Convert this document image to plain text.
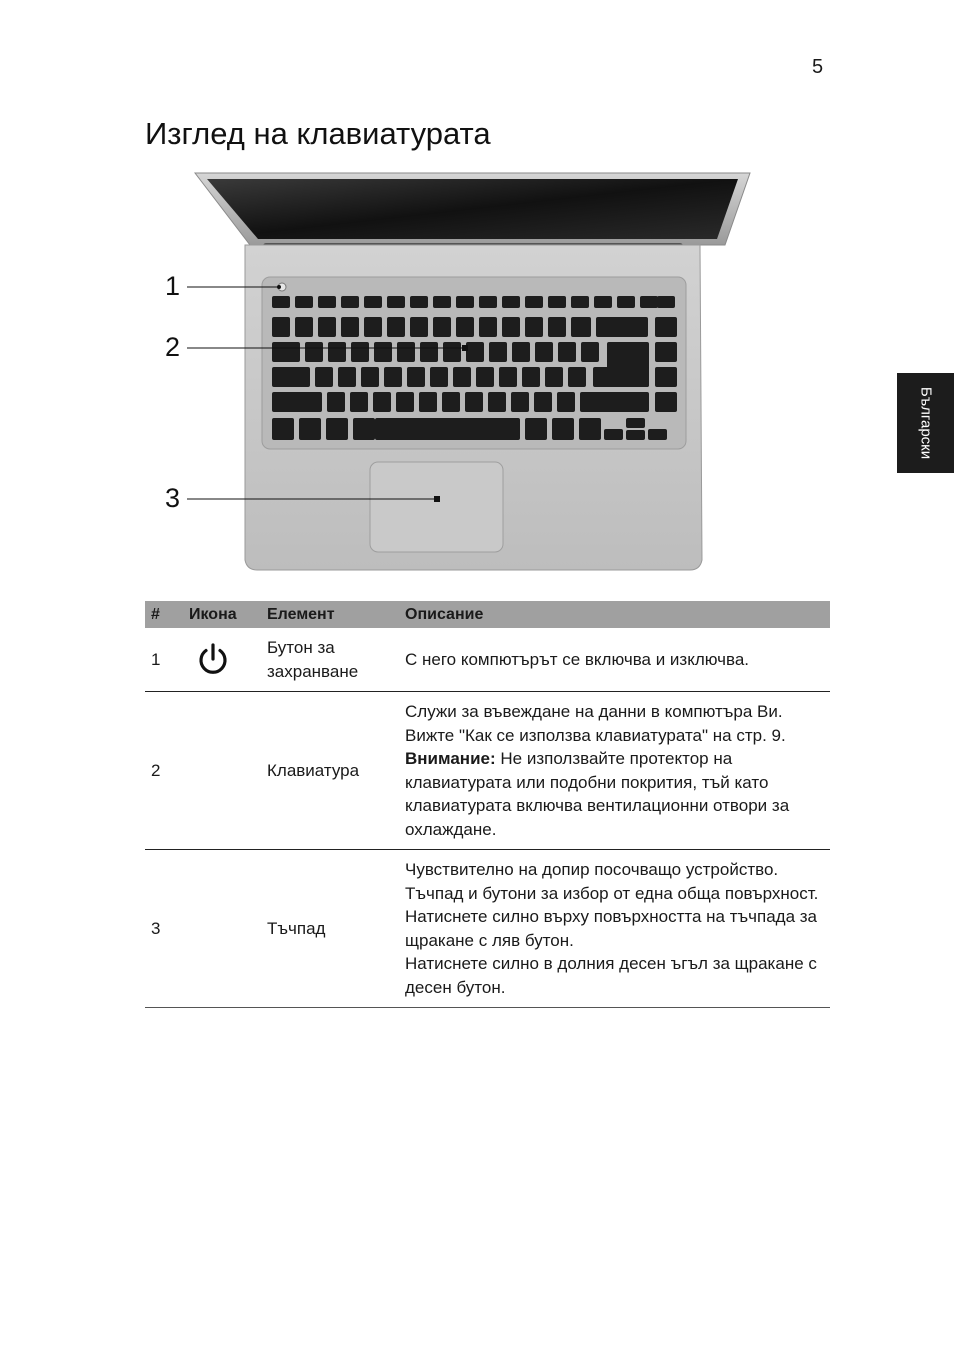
5
Изглед на клавиатурата
Български
1
2
3
#	Икона	Елемент	Описание
1		Бутон за захранване	С него компютърът се включва и изключва.
2		Клавиатура	Служи за въвеждане на данни в компютъра Ви.
Вижте "Как се използва клавиатурата" на стр. 9.
Внимание: Не използвайте протектор на клавиатурата или подобни покрития, тъй като клавиатурата включва вентилационни отвори за охлаждане.
3		Тъчпад	Чувствително на допир посочващо устройство.
Тъчпад и бутони за избор от една обща повърхност.
Натиснете силно върху повърхността на тъчпада за щракане с ляв бутон.
Натиснете силно в долния десен ъгъл за щракане с десен бутон.
